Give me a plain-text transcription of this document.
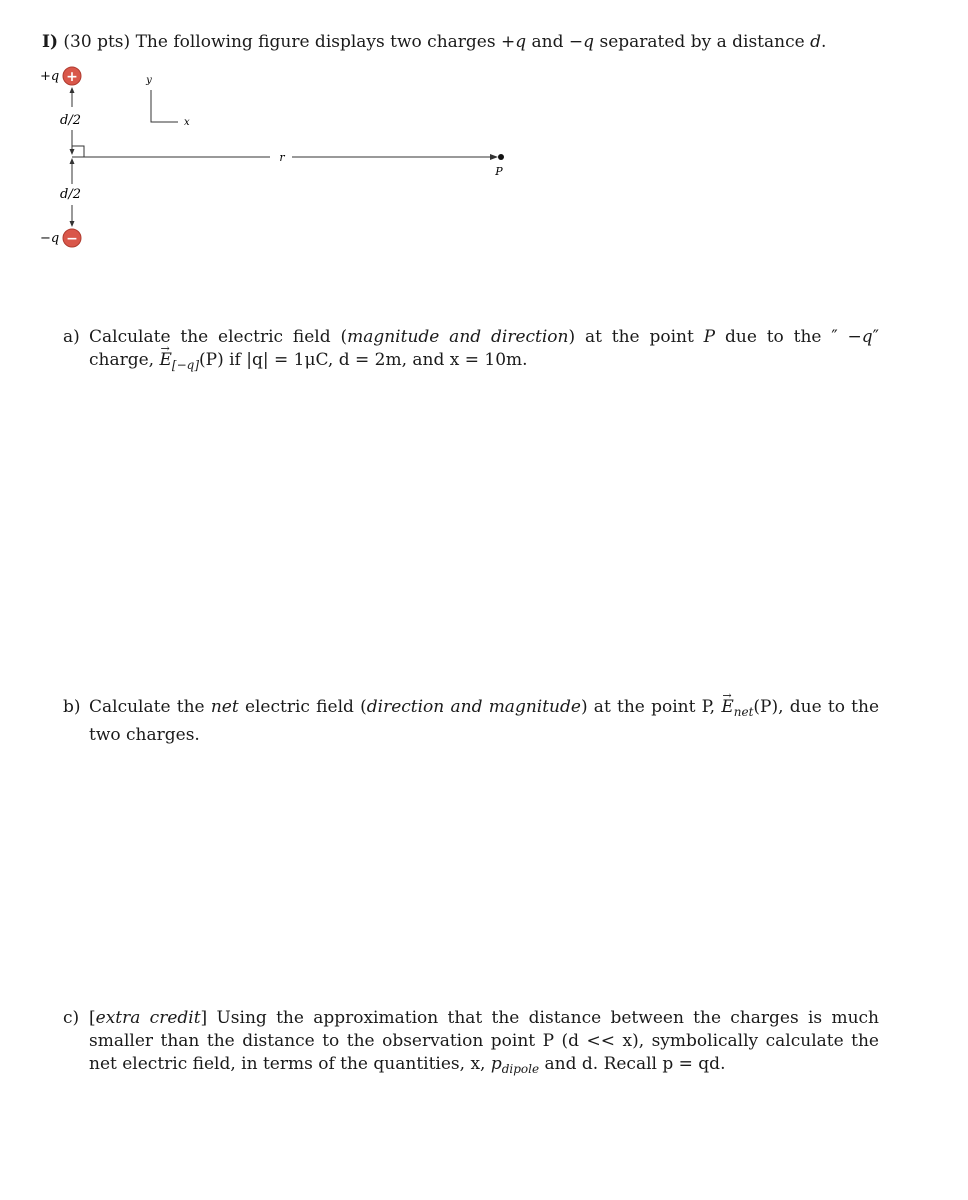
I) (30 pts) The following figure displays two charges +q and −q separated by a distance d.
+q +
d/2
r
P
d/2
−q −
y
x
a) Calculate the electric field (magnitude and direction) at the point P due to the ″ −q″ charge, → $E_{[-q]}(P)$ if |q| = 1μC, d = 2m, and x = 10m.

b) Calculate the net electric field (direction and magnitude) at the point P, → $E_{net}(P)$, due to the two charges.

c) [extra credit] Using the approximation that the distance between the charges is much smaller than the distance to the observation point P (d << x), symbolically calculate the net electric field, in terms of the quantities, x, $p_{dipole}$ and d. Recall p = qd.
